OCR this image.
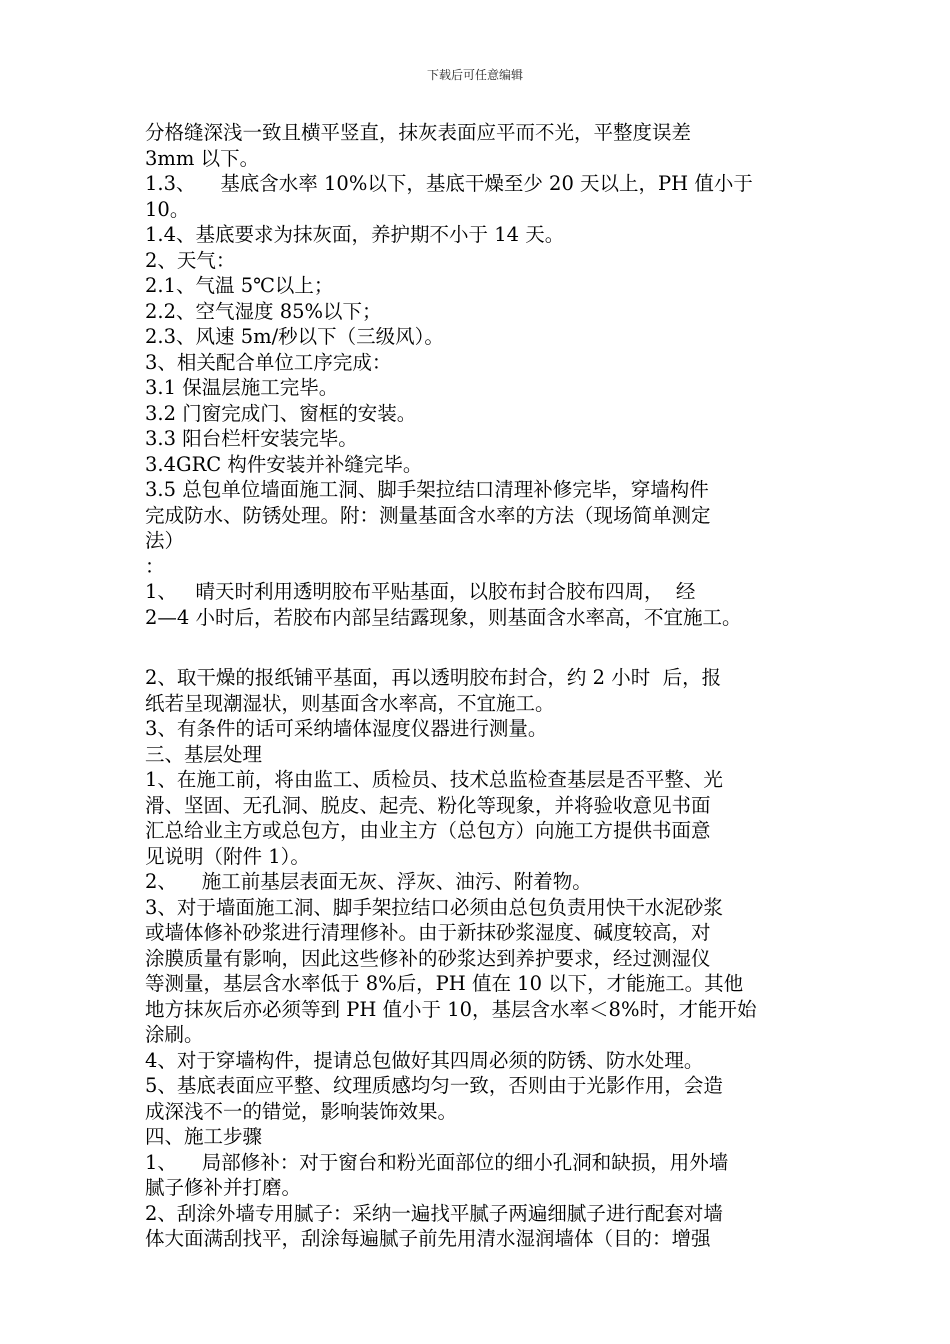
下载后可任意编辑
分格缝深浅一致且横平竖直，抹灰表面应平而不光，平整度误差
3mm 以下。
1.3、    基底含水率 10%以下，基底干燥至少 20 天以上，PH 值小于
10。
1.4、基底要求为抹灰面，养护期不小于 14 天。
2、天气：
2.1、气温 5℃以上；
2.2、空气湿度 85%以下；
2.3、风速 5m/秒以下（三级风）。
3、相关配合单位工序完成：
3.1 保温层施工完毕。
3.2 门窗完成门、窗框的安装。
3.3 阳台栏杆安装完毕。
3.4GRC 构件安装并补缝完毕。
3.5 总包单位墙面施工洞、脚手架拉结口清理补修完毕，穿墙构件
完成防水、防锈处理。附：测量基面含水率的方法（现场简单测定
法）
：
1、   晴天时利用透明胶布平贴基面，以胶布封合胶布四周，  经
2—4 小时后，若胶布内部呈结露现象，则基面含水率高，不宜施工。
2、取干燥的报纸铺平基面，再以透明胶布封合，约 2 小时  后，报
纸若呈现潮湿状，则基面含水率高，不宜施工。
3、有条件的话可采纳墙体湿度仪器进行测量。
三、基层处理
1、在施工前，将由监工、质检员、技术总监检查基层是否平整、光
滑、坚固、无孔洞、脱皮、起壳、粉化等现象，并将验收意见书面
汇总给业主方或总包方，由业主方（总包方）向施工方提供书面意
见说明（附件 1）。
2、    施工前基层表面无灰、浮灰、油污、附着物。
3、对于墙面施工洞、脚手架拉结口必须由总包负责用快干水泥砂浆
或墙体修补砂浆进行清理修补。由于新抹砂浆湿度、碱度较高，对
涂膜质量有影响，因此这些修补的砂浆达到养护要求，经过测湿仪
等测量，基层含水率低于 8%后，PH 值在 10 以下，才能施工。其他
地方抹灰后亦必须等到 PH 值小于 10，基层含水率＜8%时，才能开始
涂刷。
4、对于穿墙构件，提请总包做好其四周必须的防锈、防水处理。
5、基底表面应平整、纹理质感均匀一致，否则由于光影作用，会造
成深浅不一的错觉，影响装饰效果。
四、施工步骤
1、    局部修补：对于窗台和粉光面部位的细小孔洞和缺损，用外墙
腻子修补并打磨。
2、刮涂外墙专用腻子：采纳一遍找平腻子两遍细腻子进行配套对墙
体大面满刮找平，刮涂每遍腻子前先用清水湿润墙体（目的：增强
